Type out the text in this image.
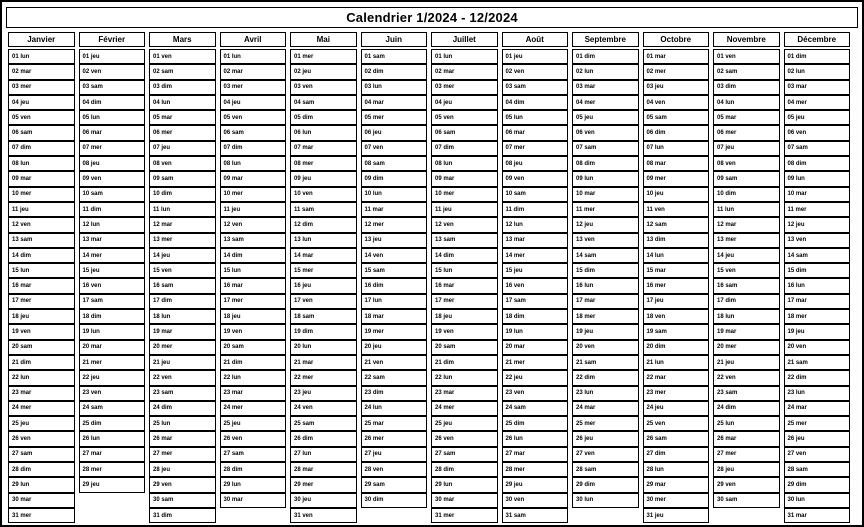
Calendrier 1/2024 - 12/2024
Janvier
01 lun
02 mar
03 mer
04 jeu
05 ven
06 sam
07 dim
08 lun
09 mar
10 mer
11 jeu
12 ven
13 sam
14 dim
15 lun
16 mar
17 mer
18 jeu
19 ven
20 sam
21 dim
22 lun
23 mar
24 mer
25 jeu
26 ven
27 sam
28 dim
29 lun
30 mar
31 mer
Février
01 jeu
02 ven
03 sam
04 dim
05 lun
06 mar
07 mer
08 jeu
09 ven
10 sam
11 dim
12 lun
13 mar
14 mer
15 jeu
16 ven
17 sam
18 dim
19 lun
20 mar
21 mer
22 jeu
23 ven
24 sam
25 dim
26 lun
27 mar
28 mer
29 jeu
Mars
01 ven
02 sam
03 dim
04 lun
05 mar
06 mer
07 jeu
08 ven
09 sam
10 dim
11 lun
12 mar
13 mer
14 jeu
15 ven
16 sam
17 dim
18 lun
19 mar
20 mer
21 jeu
22 ven
23 sam
24 dim
25 lun
26 mar
27 mer
28 jeu
29 ven
30 sam
31 dim
Avril
01 lun
02 mar
03 mer
04 jeu
05 ven
06 sam
07 dim
08 lun
09 mar
10 mer
11 jeu
12 ven
13 sam
14 dim
15 lun
16 mar
17 mer
18 jeu
19 ven
20 sam
21 dim
22 lun
23 mar
24 mer
25 jeu
26 ven
27 sam
28 dim
29 lun
30 mar
Mai
01 mer
02 jeu
03 ven
04 sam
05 dim
06 lun
07 mar
08 mer
09 jeu
10 ven
11 sam
12 dim
13 lun
14 mar
15 mer
16 jeu
17 ven
18 sam
19 dim
20 lun
21 mar
22 mer
23 jeu
24 ven
25 sam
26 dim
27 lun
28 mar
29 mer
30 jeu
31 ven
Juin
01 sam
02 dim
03 lun
04 mar
05 mer
06 jeu
07 ven
08 sam
09 dim
10 lun
11 mar
12 mer
13 jeu
14 ven
15 sam
16 dim
17 lun
18 mar
19 mer
20 jeu
21 ven
22 sam
23 dim
24 lun
25 mar
26 mer
27 jeu
28 ven
29 sam
30 dim
Juillet
01 lun
02 mar
03 mer
04 jeu
05 ven
06 sam
07 dim
08 lun
09 mar
10 mer
11 jeu
12 ven
13 sam
14 dim
15 lun
16 mar
17 mer
18 jeu
19 ven
20 sam
21 dim
22 lun
23 mar
24 mer
25 jeu
26 ven
27 sam
28 dim
29 lun
30 mar
31 mer
Août
01 jeu
02 ven
03 sam
04 dim
05 lun
06 mar
07 mer
08 jeu
09 ven
10 sam
11 dim
12 lun
13 mar
14 mer
15 jeu
16 ven
17 sam
18 dim
19 lun
20 mar
21 mer
22 jeu
23 ven
24 sam
25 dim
26 lun
27 mar
28 mer
29 jeu
30 ven
31 sam
Septembre
01 dim
02 lun
03 mar
04 mer
05 jeu
06 ven
07 sam
08 dim
09 lun
10 mar
11 mer
12 jeu
13 ven
14 sam
15 dim
16 lun
17 mar
18 mer
19 jeu
20 ven
21 sam
22 dim
23 lun
24 mar
25 mer
26 jeu
27 ven
28 sam
29 dim
30 lun
Octobre
01 mar
02 mer
03 jeu
04 ven
05 sam
06 dim
07 lun
08 mar
09 mer
10 jeu
11 ven
12 sam
13 dim
14 lun
15 mar
16 mer
17 jeu
18 ven
19 sam
20 dim
21 lun
22 mar
23 mer
24 jeu
25 ven
26 sam
27 dim
28 lun
29 mar
30 mer
31 jeu
Novembre
01 ven
02 sam
03 dim
04 lun
05 mar
06 mer
07 jeu
08 ven
09 sam
10 dim
11 lun
12 mar
13 mer
14 jeu
15 ven
16 sam
17 dim
18 lun
19 mar
20 mer
21 jeu
22 ven
23 sam
24 dim
25 lun
26 mar
27 mer
28 jeu
29 ven
30 sam
Décembre
01 dim
02 lun
03 mar
04 mer
05 jeu
06 ven
07 sam
08 dim
09 lun
10 mar
11 mer
12 jeu
13 ven
14 sam
15 dim
16 lun
17 mar
18 mer
19 jeu
20 ven
21 sam
22 dim
23 lun
24 mar
25 mer
26 jeu
27 ven
28 sam
29 dim
30 lun
31 mar
